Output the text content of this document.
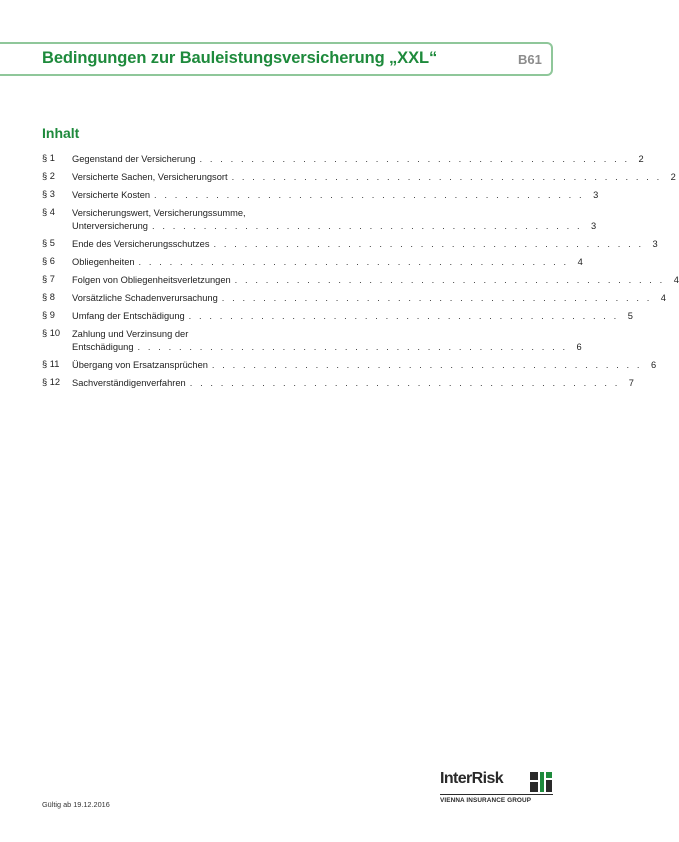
Bedingungen zur Bauleistungsversicherung „XXL“	B61
Inhalt
§ 1	Gegenstand der Versicherung . . .	2
§ 2	Versicherte Sachen, Versicherungsort . . .	2
§ 3	Versicherte Kosten . . .	3
§ 4	Versicherungswert, Versicherungssumme,
Unterversicherung . . .	3
§ 5	Ende des Versicherungsschutzes . . .	3
§ 6	Obliegenheiten . . .	4
§ 7	Folgen von Obliegenheitsverletzungen . . .	4
§ 8	Vorsätzliche Schadenverursachung . . .	4
§ 9	Umfang der Entschädigung . . .	5
§ 10	Zahlung und Verzinsung der
Entschädigung . . .	6
§ 11	Übergang von Ersatzansprüchen . . .	6
§ 12	Sachverständigenverfahren . . .	7
Gültig ab 19.12.2016
InterRisk
VIENNA INSURANCE GROUP
